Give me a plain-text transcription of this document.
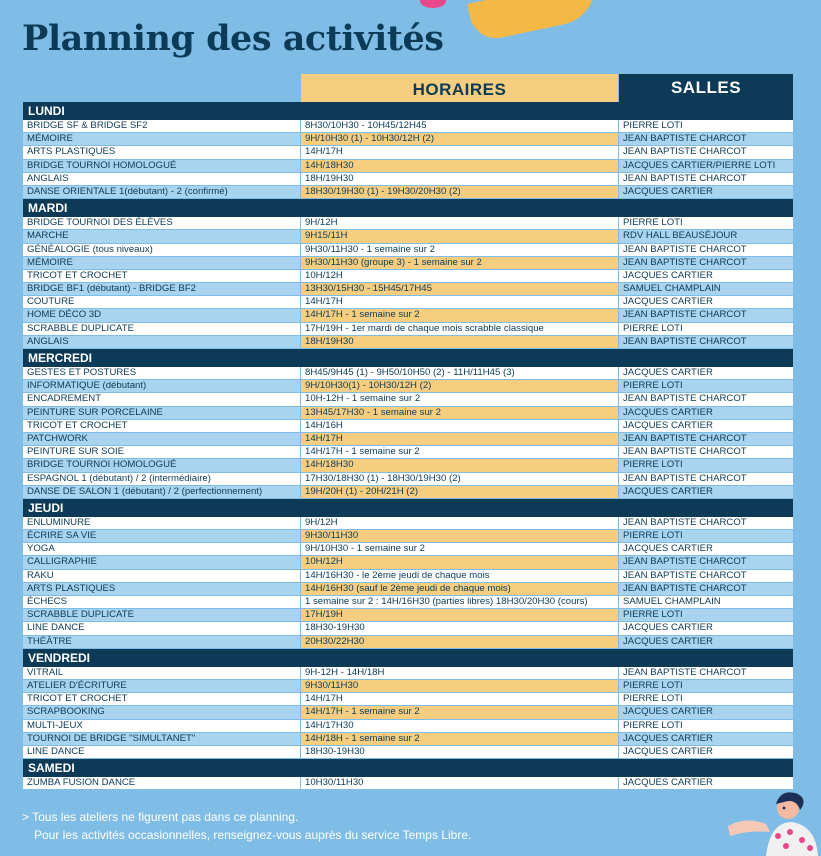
Planning des activités
HORAIRES	SALLES
LUNDI
BRIDGE SF & BRIDGE SF2	8H30/10H30 - 10H45/12H45	PIERRE LOTI
MÉMOIRE	9H/10H30 (1) - 10H30/12H (2)	JEAN BAPTISTE CHARCOT
ARTS PLASTIQUES	14H/17H	JEAN BAPTISTE CHARCOT
BRIDGE TOURNOI HOMOLOGUÉ	14H/18H30	JACQUES CARTIER/PIERRE LOTI
ANGLAIS	18H/19H30	JEAN BAPTISTE CHARCOT
DANSE ORIENTALE 1(débutant) - 2 (confirmé)	18H30/19H30 (1) - 19H30/20H30 (2)	JACQUES CARTIER
MARDI
BRIDGE TOURNOI DES ÉLÈVES	9H/12H	PIERRE LOTI
MARCHE	9H15/11H	RDV HALL BEAUSÉJOUR
GÉNÉALOGIE (tous niveaux)	9H30/11H30 - 1 semaine sur 2	JEAN BAPTISTE CHARCOT
MÉMOIRE	9H30/11H30 (groupe 3) - 1 semaine sur 2	JEAN BAPTISTE CHARCOT
TRICOT ET CROCHET	10H/12H	JACQUES CARTIER
BRIDGE BF1 (débutant) - BRIDGE BF2	13H30/15H30 - 15H45/17H45	SAMUEL CHAMPLAIN
COUTURE	14H/17H	JACQUES CARTIER
HOME DÉCO 3D	14H/17H - 1 semaine sur 2	JEAN BAPTISTE CHARCOT
SCRABBLE DUPLICATE	17H/19H - 1er mardi de chaque mois scrabble classique	PIERRE LOTI
ANGLAIS	18H/19H30	JEAN BAPTISTE CHARCOT
MERCREDI
GESTES ET POSTURES	8H45/9H45 (1) - 9H50/10H50 (2) - 11H/11H45 (3)	JACQUES CARTIER
INFORMATIQUE (débutant)	9H/10H30(1) - 10H30/12H (2)	PIERRE LOTI
ENCADREMENT	10H-12H - 1 semaine sur 2	JEAN BAPTISTE CHARCOT
PEINTURE SUR PORCELAINE	13H45/17H30 - 1 semaine sur 2	JACQUES CARTIER
TRICOT ET CROCHET	14H/16H	JACQUES CARTIER
PATCHWORK	14H/17H	JEAN BAPTISTE CHARCOT
PEINTURE SUR SOIE	14H/17H - 1 semaine sur 2	JEAN BAPTISTE CHARCOT
BRIDGE TOURNOI HOMOLOGUÉ	14H/18H30	PIERRE LOTI
ESPAGNOL 1 (débutant) / 2 (intermédiaire)	17H30/18H30 (1) - 18H30/19H30 (2)	JEAN BAPTISTE CHARCOT
DANSE DE SALON 1 (débutant) / 2 (perfectionnement)	19H/20H (1) - 20H/21H (2)	JACQUES CARTIER
JEUDI
ENLUMINURE	9H/12H	JEAN BAPTISTE CHARCOT
ÉCRIRE SA VIE	9H30/11H30	PIERRE LOTI
YOGA	9H/10H30 - 1 semaine sur 2	JACQUES CARTIER
CALLIGRAPHIE	10H/12H	JEAN BAPTISTE CHARCOT
RAKU	14H/16H30 - le 2ème jeudi de chaque mois	JEAN BAPTISTE CHARCOT
ARTS PLASTIQUES	14H/16H30 (sauf le 2ème jeudi de chaque mois)	JEAN BAPTISTE CHARCOT
ÉCHECS	1 semaine sur 2 : 14H/16H30 (parties libres) 18H30/20H30 (cours)	SAMUEL CHAMPLAIN
SCRABBLE DUPLICATE	17H/19H	PIERRE LOTI
LINE DANCE	18H30-19H30	JACQUES CARTIER
THÉÂTRE	20H30/22H30	JACQUES CARTIER
VENDREDI
VITRAIL	9H-12H - 14H/18H	JEAN BAPTISTE CHARCOT
ATELIER D'ÉCRITURE	9H30/11H30	PIERRE LOTI
TRICOT ET CROCHET	14H/17H	PIERRE LOTI
SCRAPBOOKING	14H/17H - 1 semaine sur 2	JACQUES CARTIER
MULTI-JEUX	14H/17H30	PIERRE LOTI
TOURNOI DE BRIDGE "SIMULTANET"	14H/18H - 1 semaine sur 2	JACQUES CARTIER
LINE DANCE	18H30-19H30	JACQUES CARTIER
SAMEDI
ZUMBA FUSION DANCE	10H30/11H30	JACQUES CARTIER

> Tous les ateliers ne figurent pas dans ce planning.

Pour les activités occasionnelles, renseignez-vous auprès du service Temps Libre.
